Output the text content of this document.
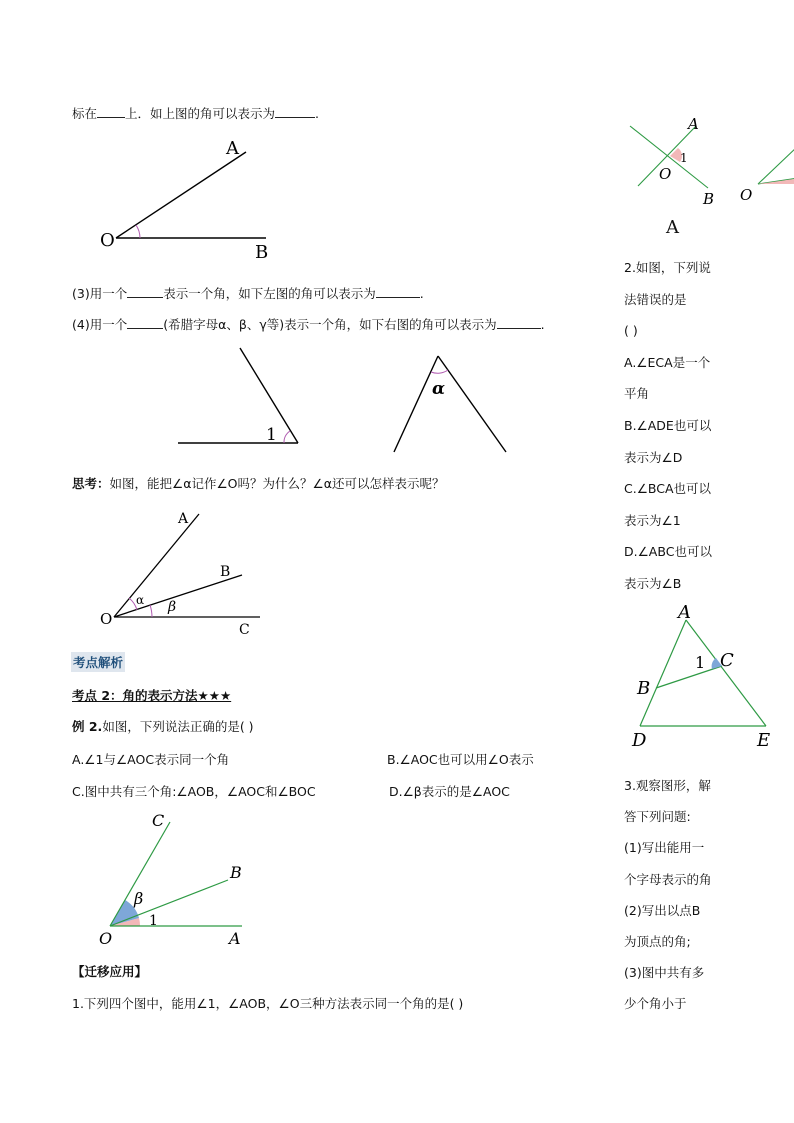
标在 上．如上图的角可以表示为	.
A
O
B
(3)用一个	表示一个角，如下左图的角可以表示为	.
(4)用一个	(希腊字母α、β、γ等)表示一个角，如下右图的角可以表示为	.
1
α
思考：如图，能把∠α记作∠O吗？为什么？∠α还可以怎样表示呢？
A
B
O
C
α β
考点解析
考点 2：角的表示方法★★★
例 2.如图，下列说法正确的是( )
A.∠1与∠AOC表示同一个角	B.∠AOC也可以用∠O表示
C.图中共有三个角:∠AOB，∠AOC和∠BOC	D.∠β表示的是∠AOC
C
B
β
1
O	A
【迁移应用】
1.下列四个图中，能用∠1，∠AOB，∠O三种方法表示同一个角的是( )
A
1
O
B O
A
2.如图，下列说
法错误的是
( )
A.∠ECA是一个
平角
B.∠ADE也可以
表示为∠D
C.∠BCA也可以
表示为∠1
D.∠ABC也可以
表示为∠B
A
C
1
B
D	E
3.观察图形，解
答下列问题:
(1)写出能用一
个字母表示的角
(2)写出以点B
为顶点的角;
(3)图中共有多
少个角小于
